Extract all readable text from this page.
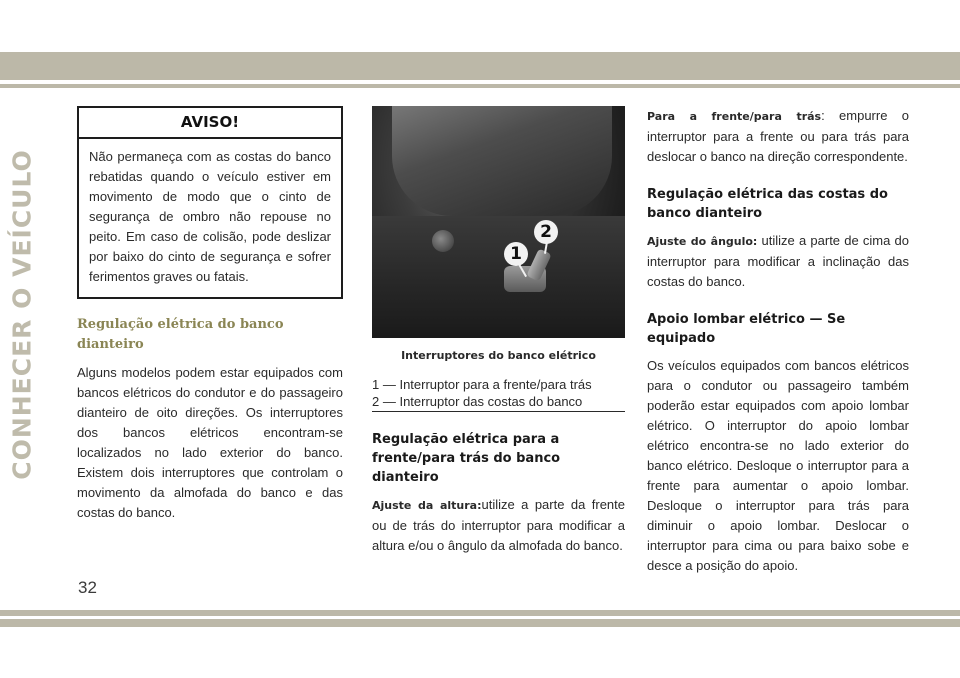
CONHECER O VEÍCULO
AVISO!
Não permaneça com as costas do banco rebatidas quando o veículo estiver em movimento de modo que o cinto de segurança de ombro não repouse no peito. Em caso de colisão, pode deslizar por baixo do cinto de segurança e sofrer ferimentos graves ou fatais.
Regulação elétrica do banco dianteiro

Alguns modelos podem estar equipados com bancos elétricos do condutor e do passageiro dianteiro de oito direções. Os interruptores dos bancos elétricos encontram-se localizados no lado exterior do banco. Existem dois interruptores que controlam o movimento da almofada do banco e das costas do banco.

1
2
Interruptores do banco elétrico
1 — Interruptor para a frente/para trás
2 — Interruptor das costas do banco
Regulação elétrica para a frente/para trás do banco dianteiro

Ajuste da altura:utilize a parte da frente ou de trás do interruptor para modificar a altura e/ou o ângulo da almofada do banco.

Para a frente/para trás: empurre o interruptor para a frente ou para trás para deslocar o banco na direção correspondente.

Regulação elétrica das costas do banco dianteiro

Ajuste do ângulo: utilize a parte de cima do interruptor para modificar a inclinação das costas do banco.

Apoio lombar elétrico — Se equipado

Os veículos equipados com bancos elétricos para o condutor ou passageiro também poderão estar equipados com apoio lombar elétrico. O interruptor do apoio lombar elétrico encontra-se no lado exterior do banco elétrico. Desloque o interruptor para a frente para aumentar o apoio lombar. Desloque o interruptor para trás para diminuir o apoio lombar. Deslocar o interruptor para cima ou para baixo sobe e desce a posição do apoio.

32
